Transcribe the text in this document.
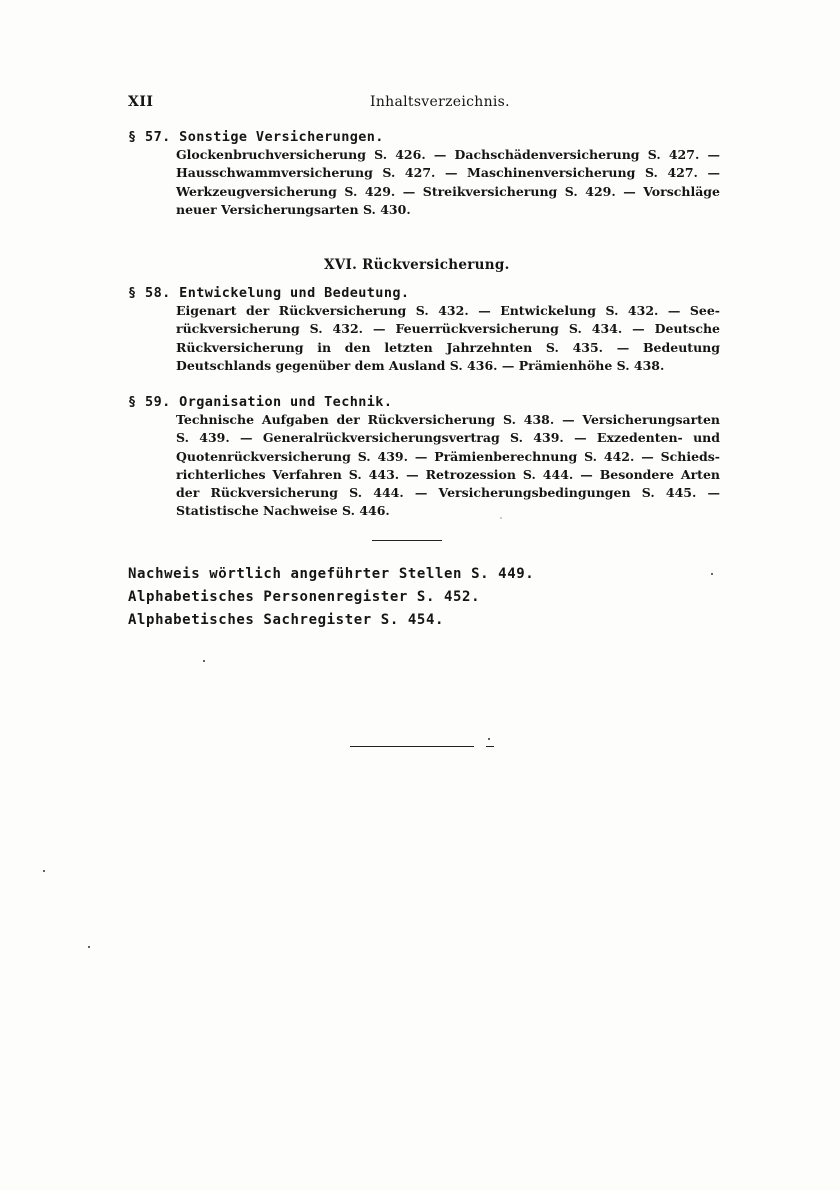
XII	Inhaltsverzeichnis.
§ 57. Sonstige Versicherungen.
Glockenbruchversicherung S. 426. — Dachschädenversicherung S. 427. —
Hausschwammversicherung S. 427. — Maschinenversicherung S. 427. —
Werkzeugversicherung S. 429. — Streikversicherung S. 429. — Vorschläge
neuer Versicherungsarten S. 430.
XVI. Rückversicherung.
§ 58. Entwickelung und Bedeutung.
Eigenart der Rückversicherung S. 432. — Entwickelung S. 432. — See-
rückversicherung S. 432. — Feuerrückversicherung S. 434. — Deutsche
Rückversicherung in den letzten Jahrzehnten S. 435. — Bedeutung
Deutschlands gegenüber dem Ausland S. 436. — Prämienhöhe S. 438.
§ 59. Organisation und Technik.
Technische Aufgaben der Rückversicherung S. 438. — Versicherungsarten
S. 439. — Generalrückversicherungsvertrag S. 439. — Exzedenten- und
Quotenrückversicherung S. 439. — Prämienberechnung S. 442. — Schieds-
richterliches Verfahren S. 443. — Retrozession S. 444. — Besondere Arten
der Rückversicherung S. 444. — Versicherungsbedingungen S. 445. —
Statistische Nachweise S. 446.
Nachweis wörtlich angeführter Stellen S. 449.
Alphabetisches Personenregister S. 452.
Alphabetisches Sachregister S. 454.
